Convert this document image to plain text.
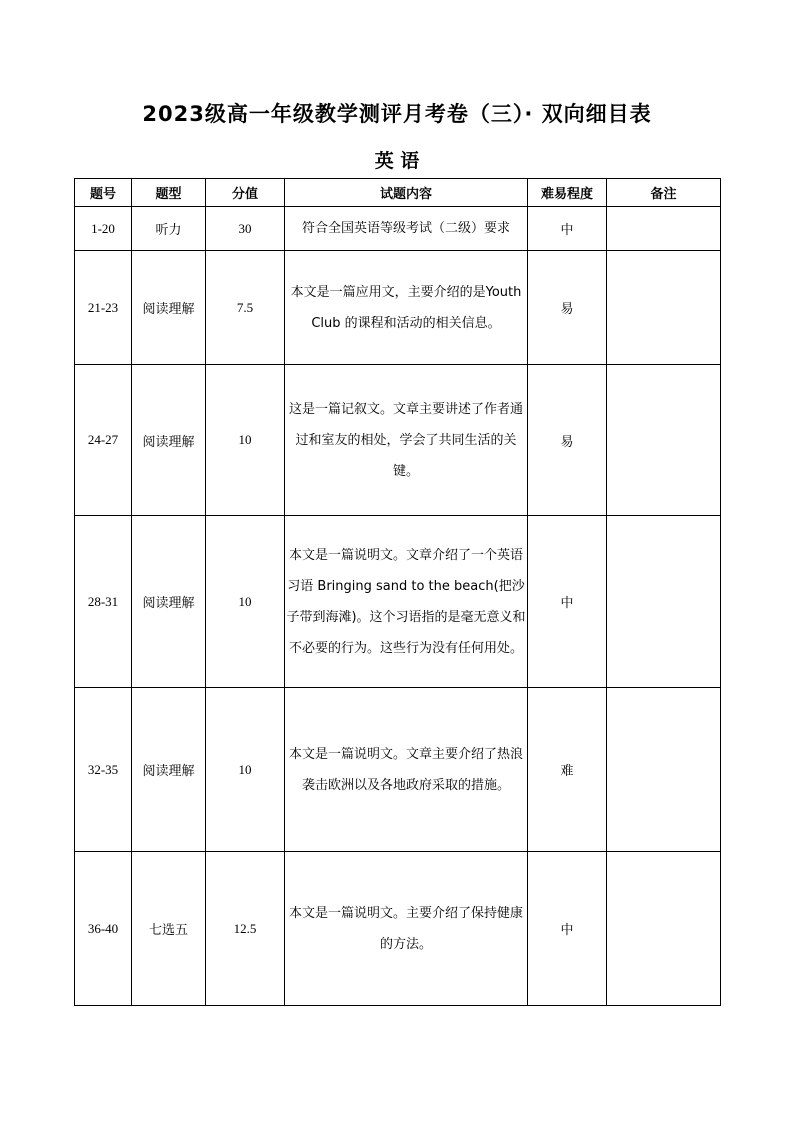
2023级高一年级教学测评月考卷（三）· 双向细目表
英 语
题号	题型	分值	试题内容	难易程度	备注
1-20	听力	30	符合全国英语等级考试（二级）要求	中	
21-23	阅读理解	7.5	本文是一篇应用文，主要介绍的是Youth Club 的课程和活动的相关信息。	易	
24-27	阅读理解	10	这是一篇记叙文。文章主要讲述了作者通过和室友的相处，学会了共同生活的关键。	易	
28-31	阅读理解	10	本文是一篇说明文。文章介绍了一个英语习语 Bringing sand to the beach(把沙子带到海滩)。这个习语指的是毫无意义和不必要的行为。这些行为没有任何用处。	中	
32-35	阅读理解	10	本文是一篇说明文。文章主要介绍了热浪袭击欧洲以及各地政府采取的措施。	难	
36-40	七选五	12.5	本文是一篇说明文。主要介绍了保持健康的方法。	中	
